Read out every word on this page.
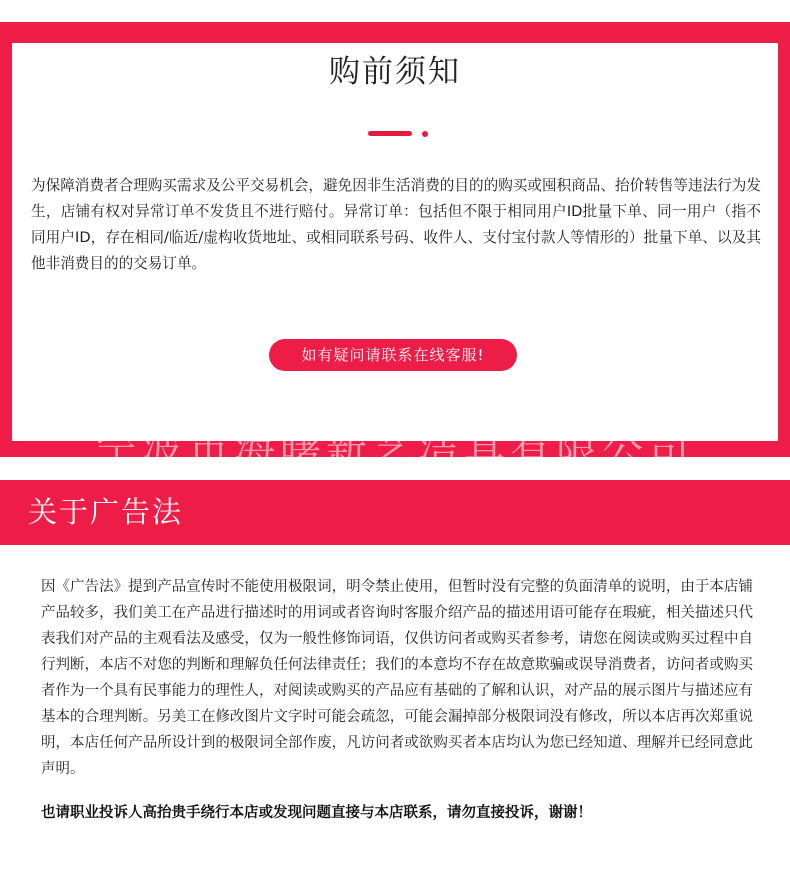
购前须知

为保障消费者合理购买需求及公平交易机会，避免因非生活消费的目的的购买或囤积商品、抬价转售等违法行为发生，店铺有权对异常订单不发货且不进行赔付。异常订单：包括但不限于相同用户ID批量下单、同一用户（指不同用户ID，存在相同/临近/虚构收货地址、或相同联系号码、收件人、支付宝付款人等情形的）批量下单、以及其他非消费目的的交易订单。

如有疑问请联系在线客服!
宁波市海曙新艺洁具有限公司
关于广告法

因《广告法》提到产品宣传时不能使用极限词，明令禁止使用，但暂时没有完整的负面清单的说明，由于本店铺产品较多，我们美工在产品进行描述时的用词或者咨询时客服介绍产品的描述用语可能存在瑕疵，相关描述只代表我们对产品的主观看法及感受，仅为一般性修饰词语，仅供访问者或购买者参考，请您在阅读或购买过程中自行判断，本店不对您的判断和理解负任何法律责任；我们的本意均不存在故意欺骗或误导消费者，访问者或购买者作为一个具有民事能力的理性人，对阅读或购买的产品应有基础的了解和认识，对产品的展示图片与描述应有基本的合理判断。另美工在修改图片文字时可能会疏忽，可能会漏掉部分极限词没有修改，所以本店再次郑重说明，本店任何产品所设计到的极限词全部作废，凡访问者或欲购买者本店均认为您已经知道、理解并已经同意此声明。

也请职业投诉人高抬贵手绕行本店或发现问题直接与本店联系，请勿直接投诉，谢谢！
